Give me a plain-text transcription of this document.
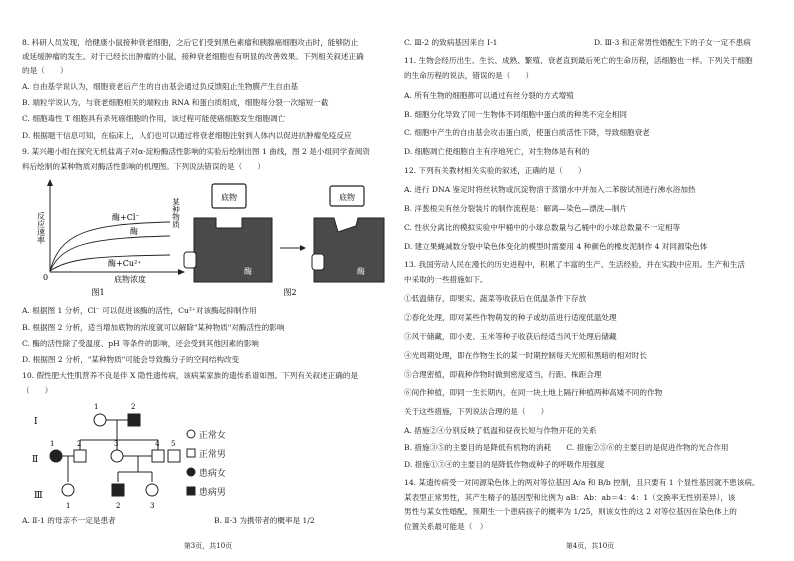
8. 科研人员发现，给健康小鼠接种衰老细胞，之后它们受到黑色素瘤和胰腺癌细胞攻击时，能够防止
或延缓肿瘤的发生。对于已经长出肿瘤的小鼠，接种衰老细胞也有明显的改善效果。下列相关叙述正确
的是（　　）
A. 自由基学说认为，细胞衰老后产生的自由基会通过负反馈阻止生物膜产生自由基
B. 端粒学说认为，与衰老细胞相关的端粒由 RNA 和蛋白质组成，细胞每分裂一次缩短一截
C. 细胞毒性 T 细胞具有杀死癌细胞的作用，该过程可能使癌细胞发生细胞凋亡
D. 根据题干信息可知，在临床上，人们也可以通过将衰老细胞注射到人体内以促进抗肿瘤免疫反应
9. 某兴趣小组在探究无机盐离子对α-淀粉酶活性影响的实验后绘制出图 1 曲线，图 2 是小组同学查阅资
料后绘制的某种物质对酶活性影响的机理图。下列说法错误的是（　　）
反应速率
0
酶+Cl⁻
酶
酶+Cu²⁺
底物浓度
图1
某种物质
底物
酶
底物
酶
图2
A. 根据图 1 分析，Cl⁻ 可以促进该酶的活性，Cu²⁺对该酶起抑制作用
B. 根据图 2 分析，适当增加底物的浓度就可以解除"某种物质"对酶活性的影响
C. 酶的活性除了受温度、pH 等条件的影响，还会受到其他因素的影响
D. 根据图 2 分析，"某种物质"可能会导致酶分子的空间结构改变
10. 假性肥大性肌营养不良是伴 X 隐性遗传病，该病某家族的遗传系谱如图。下列有关叙述正确的是
（　　）
Ⅰ
Ⅱ
Ⅲ
1	2
1	2	3	4 5
1	2	3
正常女
正常男
患病女
患病男
A. Ⅱ-1 的母亲不一定是患者	B. Ⅱ-3 为携带者的概率是 1/2
第3页，共10页
C. Ⅲ-2 的致病基因来自 Ⅰ-1	D. Ⅲ-3 和正常男性婚配生下的子女一定不患病
11. 生物会经历出生、生长、成熟、繁殖、衰老直到最后死亡的生命历程，活细胞也一样。下列关于细胞
的生命历程的说法，错误的是（　　）
A. 所有生物的细胞都可以通过有丝分裂的方式增殖
B. 细胞分化导致了同一生物体不同细胞中蛋白质的种类不完全相同
C. 细胞中产生的自由基会攻击蛋白质，使蛋白质活性下降，导致细胞衰老
D. 细胞凋亡使细胞自主有序地死亡，对生物体是有利的
12. 下列有关教材相关实验的叙述，正确的是（　　）
A. 进行 DNA 鉴定时将丝状物或沉淀物溶于蒸馏水中并加入二苯胺试剂进行沸水浴加热
B. 洋葱根尖有丝分裂装片的制作流程是：解离—染色—漂洗—制片
C. 性状分离比的模拟实验中甲桶中的小球总数量与乙桶中的小球总数量不一定相等
D. 建立果蝇减数分裂中染色体变化的模型时需要用 4 种颜色的橡皮泥制作 4 对同源染色体
13. 我国劳动人民在漫长的历史进程中，积累了丰富的生产、生活经验，并在实践中应用。生产和生活
中采取的一些措施如下。
①低温储存，即果实、蔬菜等收获后在低温条件下存放
②春化处理，即对某些作物萌发的种子或幼苗进行适度低温处理
③风干储藏，即小麦、玉米等种子收获后经适当风干处理后储藏
④光周期处理，即在作物生长的某一时期控制每天光照和黑暗的相对时长
⑤合理密植，即栽种作物时做到密度适当，行距、株距合理
⑥间作种植，即同一生长期内，在同一块土地上隔行种植两种高矮不同的作物
关于这些措施，下列说法合理的是（　　）
A. 措施②④分别反映了低温和昼夜长短与作物开花的关系
B. 措施③⑤的主要目的是降低有机物的消耗　　C. 措施②⑤⑥的主要目的是促进作物的光合作用
D. 措施①③④的主要目的是降低作物或种子的呼吸作用强度
14. 某遗传病受一对同源染色体上的两对等位基因 A/a 和 B/b 控制，且只要有 1 个显性基因就不患该病。
某表型正常男性，其产生精子的基因型和比例为 aB：Ab：ab＝4：4：1（交换率无性别差异），该
男性与某女性婚配，预期生一个患病孩子的概率为 1/25，则该女性的这 2 对等位基因在染色体上的
位置关系最可能是（　）
第4页，共10页
